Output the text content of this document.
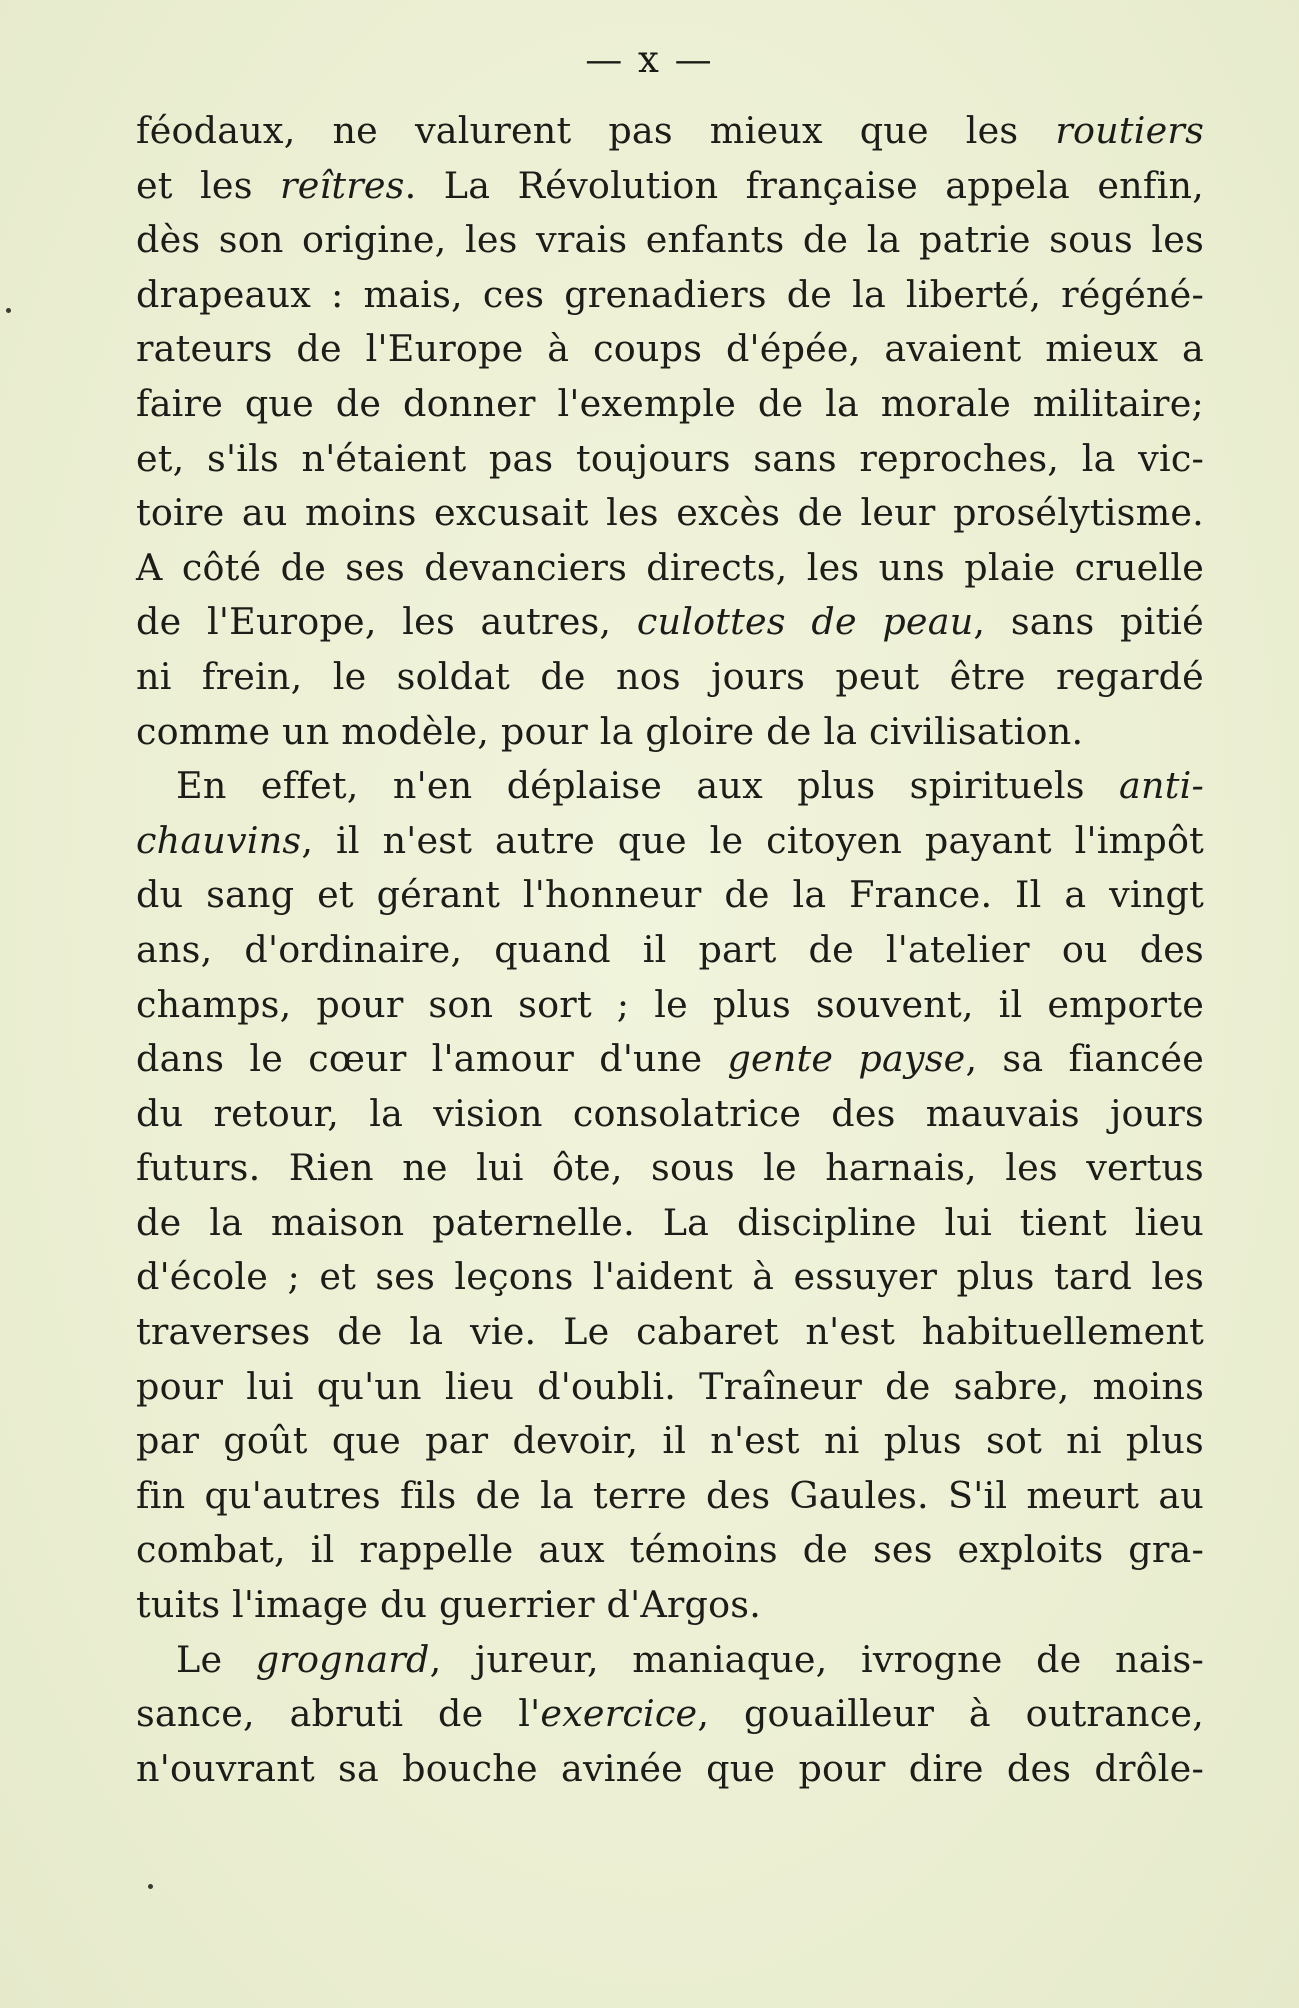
— x —
féodaux, ne valurent pas mieux que les routiers
et les reîtres. La Révolution française appela enfin,
dès son origine, les vrais enfants de la patrie sous les
drapeaux : mais, ces grenadiers de la liberté, régéné-
rateurs de l'Europe à coups d'épée, avaient mieux a
faire que de donner l'exemple de la morale militaire;
et, s'ils n'étaient pas toujours sans reproches, la vic-
toire au moins excusait les excès de leur prosélytisme.
A côté de ses devanciers directs, les uns plaie cruelle
de l'Europe, les autres, culottes de peau, sans pitié
ni frein, le soldat de nos jours peut être regardé
comme un modèle, pour la gloire de la civilisation.
En effet, n'en déplaise aux plus spirituels anti-
chauvins, il n'est autre que le citoyen payant l'impôt
du sang et gérant l'honneur de la France. Il a vingt
ans, d'ordinaire, quand il part de l'atelier ou des
champs, pour son sort ; le plus souvent, il emporte
dans le cœur l'amour d'une gente payse, sa fiancée
du retour, la vision consolatrice des mauvais jours
futurs. Rien ne lui ôte, sous le harnais, les vertus
de la maison paternelle. La discipline lui tient lieu
d'école ; et ses leçons l'aident à essuyer plus tard les
traverses de la vie. Le cabaret n'est habituellement
pour lui qu'un lieu d'oubli. Traîneur de sabre, moins
par goût que par devoir, il n'est ni plus sot ni plus
fin qu'autres fils de la terre des Gaules. S'il meurt au
combat, il rappelle aux témoins de ses exploits gra-
tuits l'image du guerrier d'Argos.
Le grognard, jureur, maniaque, ivrogne de nais-
sance, abruti de l'exercice, gouailleur à outrance,
n'ouvrant sa bouche avinée que pour dire des drôle-
